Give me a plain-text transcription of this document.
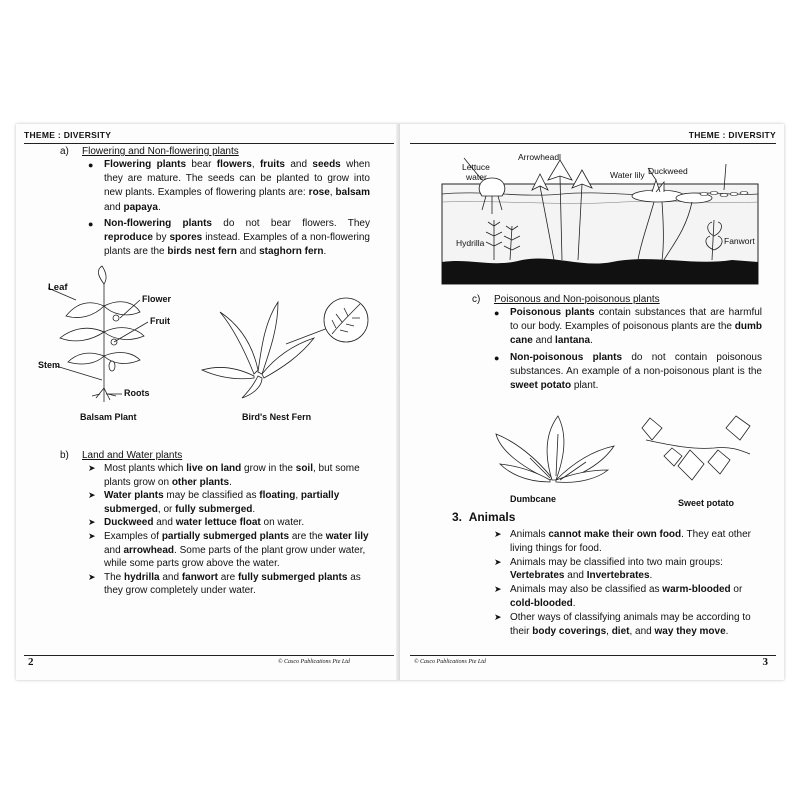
THEME : DIVERSITY
a) Flowering and Non-flowering plants
● Flowering plants bear flowers, fruits and seeds when they are mature. The seeds can be planted to grow into new plants. Examples of flowering plants are: rose, balsam and papaya.
● Non-flowering plants do not bear flowers. They reproduce by spores instead. Examples of a non-flowering plants are the birds nest fern and staghorn fern.
Leaf
Flower
Fruit
Stem
Roots
Balsam Plant	Bird's Nest Fern
b) Land and Water plants
➤ Most plants which live on land grow in the soil, but some plants grow on other plants.
➤ Water plants may be classified as floating, partially submerged, or fully submerged.
➤ Duckweed and water lettuce float on water.
➤ Examples of partially submerged plants are the water lily and arrowhead. Some parts of the plant grow under water, while some parts grow above the water.
➤ The hydrilla and fanwort are fully submerged plants as they grow completely under water.
2	© Casco Publications Pte Ltd
THEME : DIVERSITY
Arrowhead
Lettuce
water
Duckweed
Water lily
Hydrilla	Fanwort
c) Poisonous and Non-poisonous plants
● Poisonous plants contain substances that are harmful to our body. Examples of poisonous plants are the dumb cane and lantana.
● Non-poisonous plants do not contain poisonous substances. An example of a non-poisonous plant is the sweet potato plant.
Dumbcane	Sweet potato
3. Animals
➤ Animals cannot make their own food. They eat other living things for food.
➤ Animals may be classified into two main groups: Vertebrates and Invertebrates.
➤ Animals may also be classified as warm-blooded or cold-blooded.
➤ Other ways of classifying animals may be according to their body coverings, diet, and way they move.
© Casco Publications Pte Ltd	3
